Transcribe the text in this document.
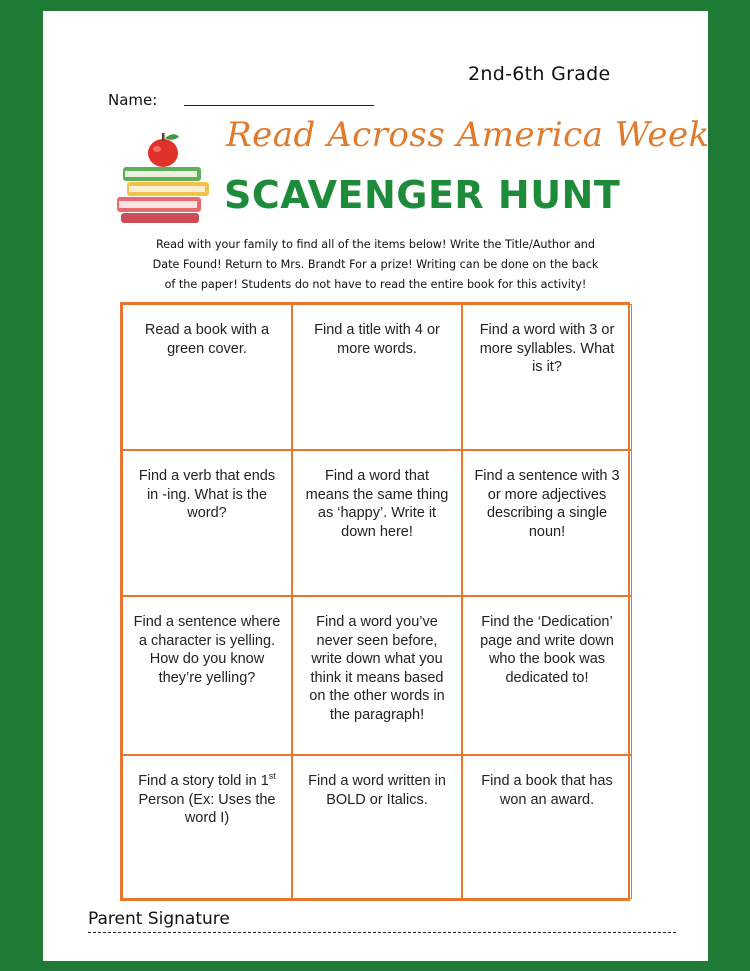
2nd-6th Grade
Name:
Read Across America Week
SCAVENGER HUNT
Read with your family to find all of the items below! Write the Title/Author and
Date Found! Return to Mrs. Brandt For a prize! Writing can be done on the back
of the paper! Students do not have to read the entire book for this activity!
Read a book with a green cover.
Find a title with 4 or more words.
Find a word with 3 or more syllables. What is it?
Find a verb that ends in -ing. What is the word?
Find a word that means the same thing as ‘happy’. Write it down here!
Find a sentence with 3 or more adjectives describing a single noun!
Find a sentence where a character is yelling. How do you know they’re yelling?
Find a word you’ve never seen before, write down what you think it means based on the other words in the paragraph!
Find the ‘Dedication’ page and write down who the book was dedicated to!
Find a story told in 1st Person (Ex: Uses the word I)
Find a word written in BOLD or Italics.
Find a book that has won an award.
Parent Signature
